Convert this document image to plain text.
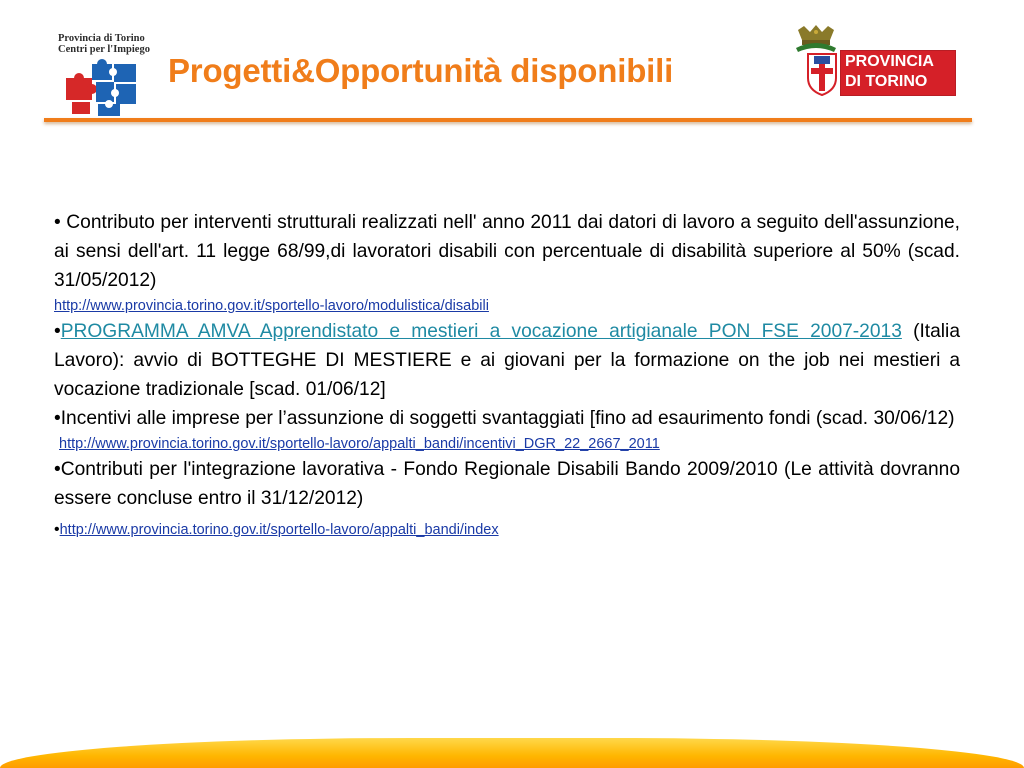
Provincia di Torino
Centri per l'Impiego
Progetti&Opportunità disponibili	PROVINCIA
DI TORINO

• Contributo per interventi strutturali realizzati nell' anno 2011 dai datori di lavoro a seguito dell'assunzione, ai sensi dell'art. 11 legge 68/99,di lavoratori disabili con percentuale di disabilità superiore al 50% (scad. 31/05/2012)

http://www.provincia.torino.gov.it/sportello-lavoro/modulistica/disabili

•PROGRAMMA AMVA Apprendistato e mestieri a vocazione artigianale PON FSE 2007-2013 (Italia Lavoro): avvio di BOTTEGHE DI MESTIERE e ai giovani per la formazione on the job nei mestieri a vocazione tradizionale [scad. 01/06/12]

•Incentivi alle imprese per l’assunzione di soggetti svantaggiati [fino ad esaurimento fondi (scad. 30/06/12)

http://www.provincia.torino.gov.it/sportello-lavoro/appalti_bandi/incentivi_DGR_22_2667_2011

•Contributi per l'integrazione lavorativa - Fondo Regionale Disabili Bando 2009/2010 (Le attività dovranno essere concluse entro il 31/12/2012)

•http://www.provincia.torino.gov.it/sportello-lavoro/appalti_bandi/index
